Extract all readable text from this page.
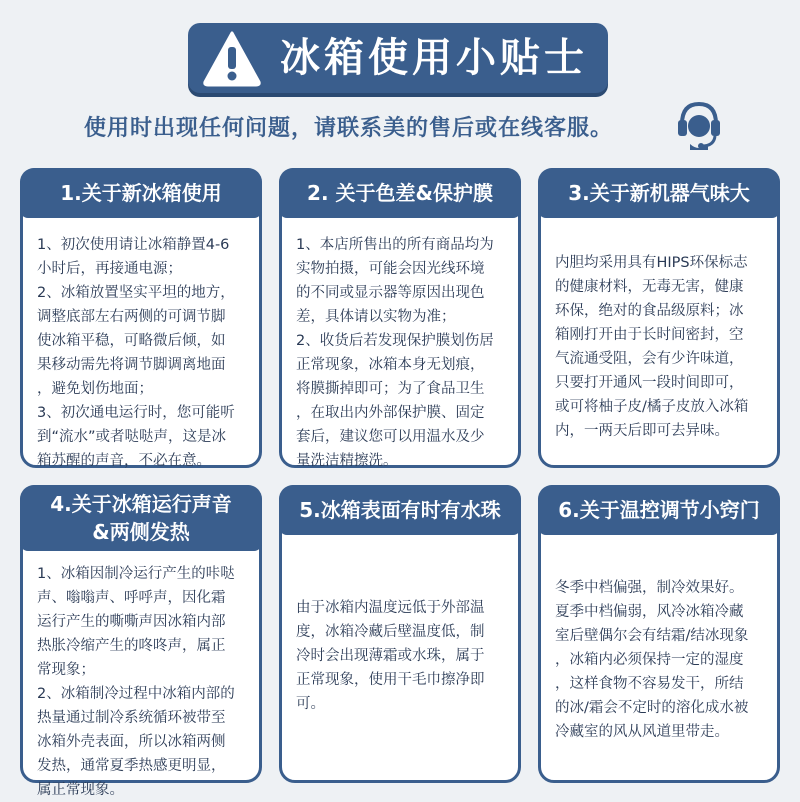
冰箱使用小贴士
使用时出现任何问题，请联系美的售后或在线客服。
1.关于新冰箱使用
1、初次使用请让冰箱静置4-6
小时后，再接通电源；
2、冰箱放置坚实平坦的地方，
调整底部左右两侧的可调节脚
使冰箱平稳，可略微后倾，如
果移动需先将调节脚调离地面
，避免划伤地面；
3、初次通电运行时，您可能听
到“流水”或者哒哒声，这是冰
箱苏醒的声音，不必在意。
2. 关于色差&保护膜
1、本店所售出的所有商品均为
实物拍摄，可能会因光线环境
的不同或显示器等原因出现色
差，具体请以实物为准；
2、收货后若发现保护膜划伤居
正常现象，冰箱本身无划痕，
将膜撕掉即可；为了食品卫生
，在取出内外部保护膜、固定
套后，建议您可以用温水及少
量洗洁精擦洗。
3.关于新机器气味大
内胆均采用具有HIPS环保标志
的健康材料，无毒无害，健康
环保，绝对的食品级原料；冰
箱刚打开由于长时间密封，空
气流通受阻，会有少许味道，
只要打开通风一段时间即可，
或可将柚子皮/橘子皮放入冰箱
内，一两天后即可去异味。
4.关于冰箱运行声音
&两侧发热
1、冰箱因制冷运行产生的咔哒
声、嗡嗡声、呼呼声，因化霜
运行产生的嘶嘶声因冰箱内部
热胀冷缩产生的咚咚声，属正
常现象；
2、冰箱制冷过程中冰箱内部的
热量通过制冷系统循环被带至
冰箱外壳表面，所以冰箱两侧
发热，通常夏季热感更明显，
属正常现象。
5.冰箱表面有时有水珠
由于冰箱内温度远低于外部温
度，冰箱冷藏后壁温度低，制
冷时会出现薄霜或水珠，属于
正常现象，使用干毛巾擦净即
可。
6.关于温控调节小窍门
冬季中档偏强，制冷效果好。
夏季中档偏弱，风冷冰箱冷藏
室后壁偶尔会有结霜/结冰现象
，冰箱内必须保持一定的湿度
，这样食物不容易发干，所结
的冰/霜会不定时的溶化成水被
冷藏室的风从风道里带走。
